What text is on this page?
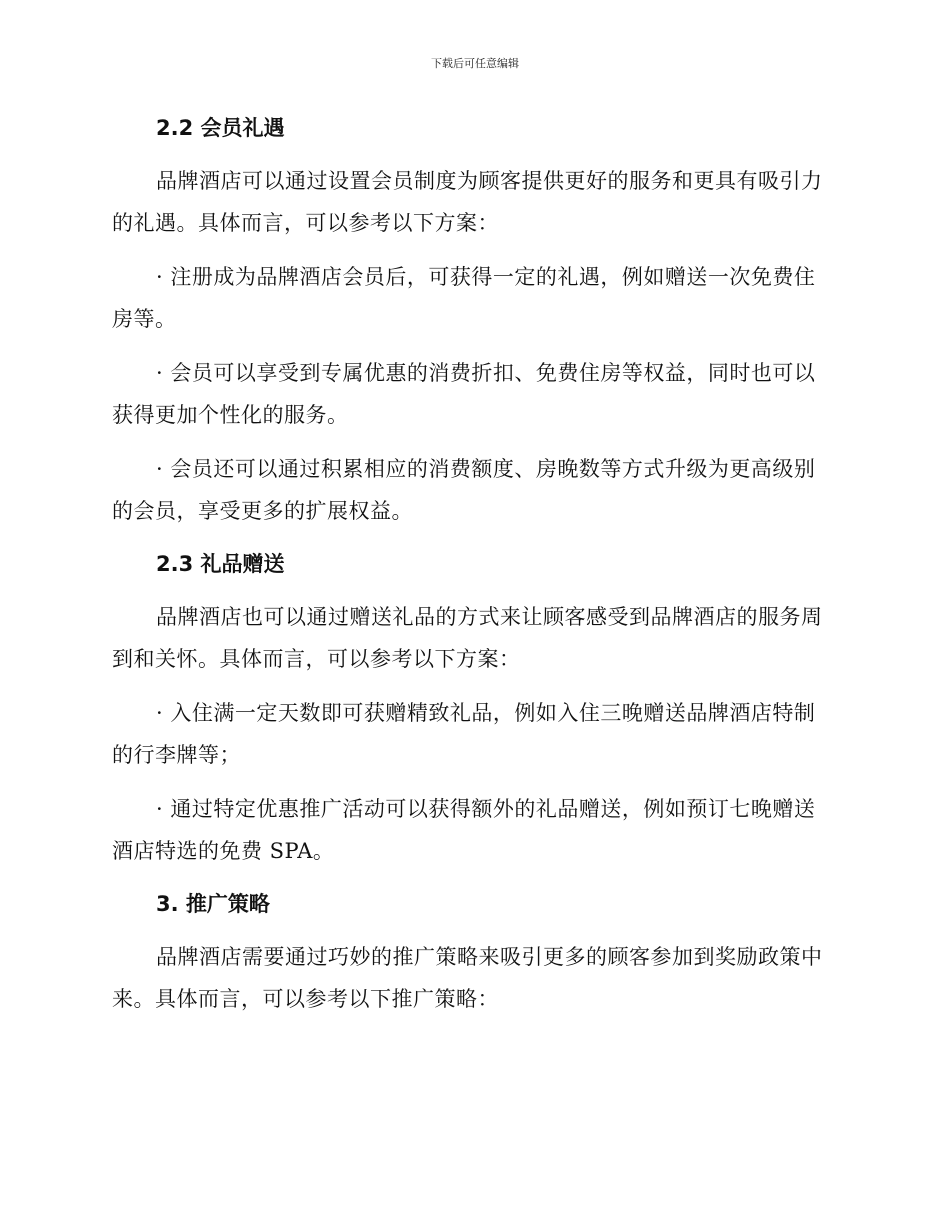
下载后可任意编辑
2.2 会员礼遇

品牌酒店可以通过设置会员制度为顾客提供更好的服务和更具有吸引力的礼遇。具体而言，可以参考以下方案：

· 注册成为品牌酒店会员后，可获得一定的礼遇，例如赠送一次免费住房等。

· 会员可以享受到专属优惠的消费折扣、免费住房等权益，同时也可以获得更加个性化的服务。

· 会员还可以通过积累相应的消费额度、房晚数等方式升级为更高级别的会员，享受更多的扩展权益。

2.3 礼品赠送

品牌酒店也可以通过赠送礼品的方式来让顾客感受到品牌酒店的服务周到和关怀。具体而言，可以参考以下方案：

· 入住满一定天数即可获赠精致礼品，例如入住三晚赠送品牌酒店特制的行李牌等；

· 通过特定优惠推广活动可以获得额外的礼品赠送，例如预订七晚赠送酒店特选的免费 SPA。

3. 推广策略

品牌酒店需要通过巧妙的推广策略来吸引更多的顾客参加到奖励政策中来。具体而言，可以参考以下推广策略：
